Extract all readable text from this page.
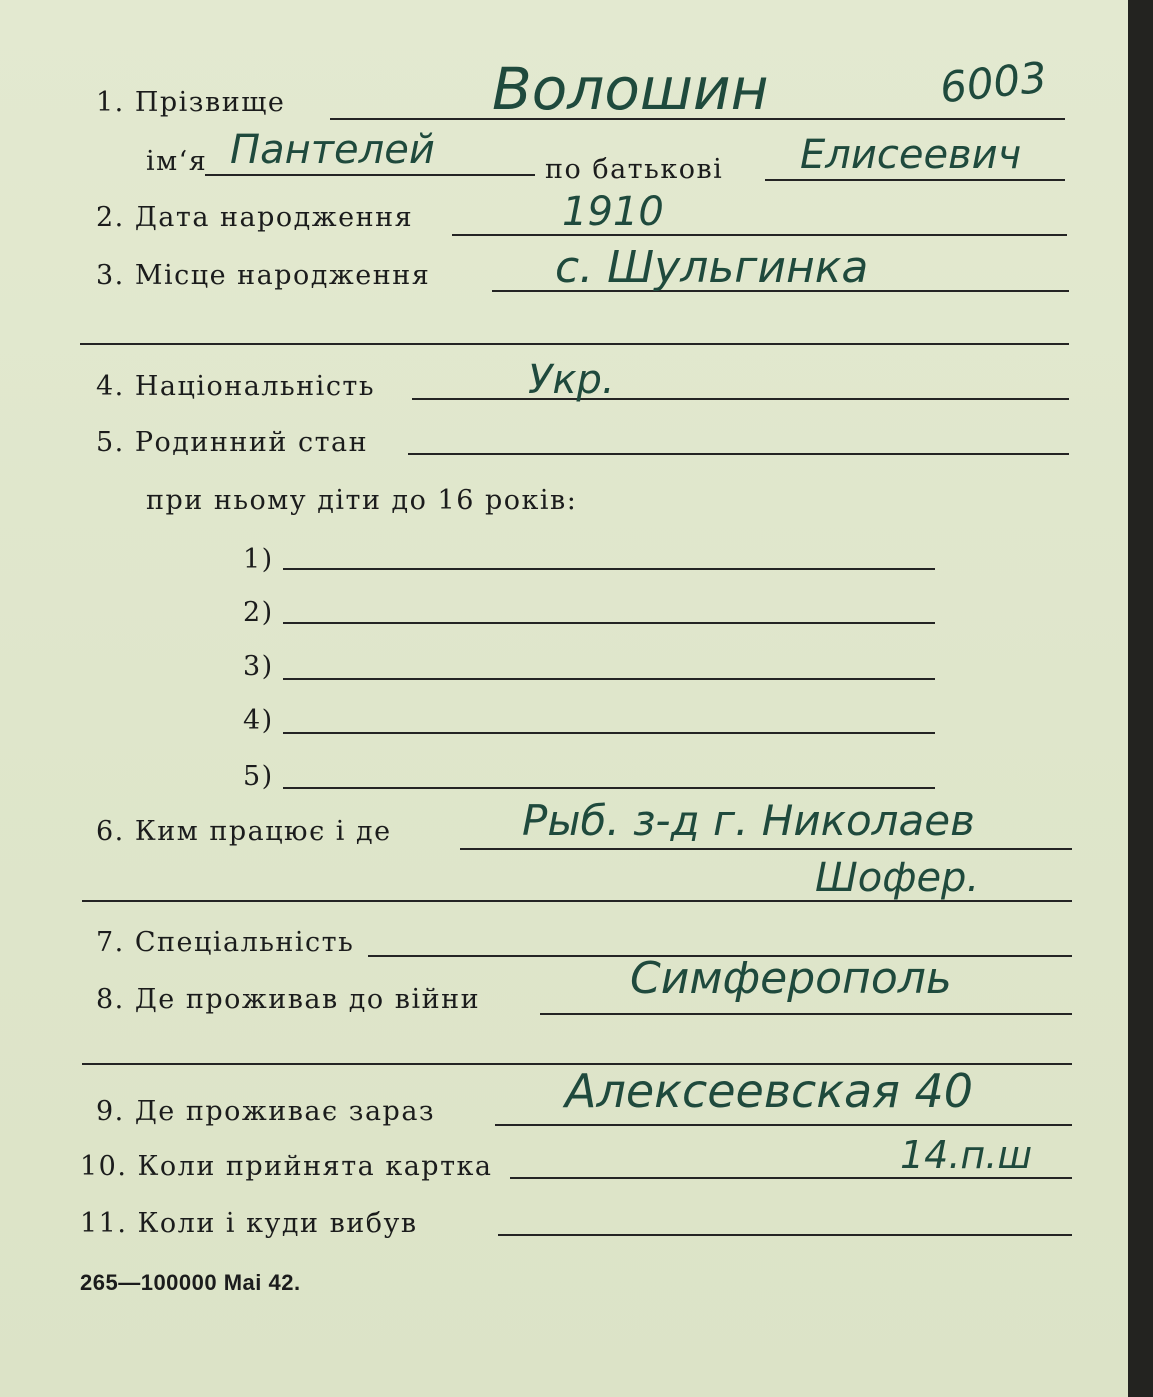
1. Прізвище
ім‘я	по батькові
2. Дата народження
3. Місце народження
4. Національність
5. Родинний стан
при ньому діти до 16 років:
1)
2)
3)
4)
5)
6. Ким працює і де
7. Спеціальність
8. Де проживав до війни
9. Де проживає зараз
10. Коли прийнята картка
11. Коли і куди вибув
265—100000 Mai 42.
6003
Волошин
Пантелей	Елисеевич
1910
с. Шульгинка
Укр.
Рыб. з-д г. Николаев
Шофер.
Симферополь
Алексеевская 40
14.п.ш
